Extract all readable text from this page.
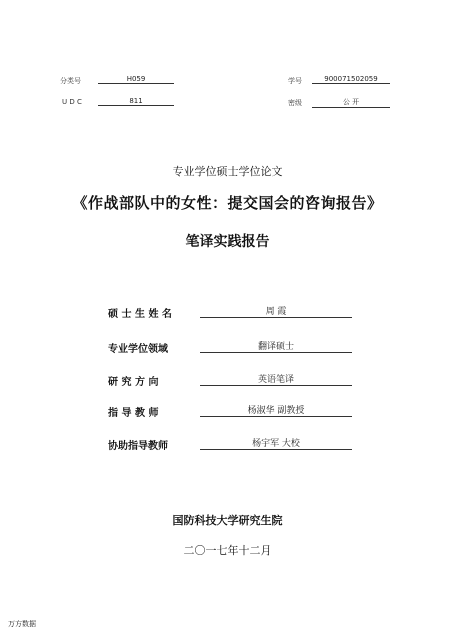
分类号	H059
U D C	811
学号	900071502059
密级	公 开
专业学位硕士学位论文
《作战部队中的女性：提交国会的咨询报告》
笔译实践报告
硕 士 生 姓 名	周 霞
专业学位领域	翻译硕士
研 究 方 向	英语笔译
指 导 教 师	杨淑华 副教授
协助指导教师	杨宇军 大校
国防科技大学研究生院
二〇一七年十二月
万方数据
